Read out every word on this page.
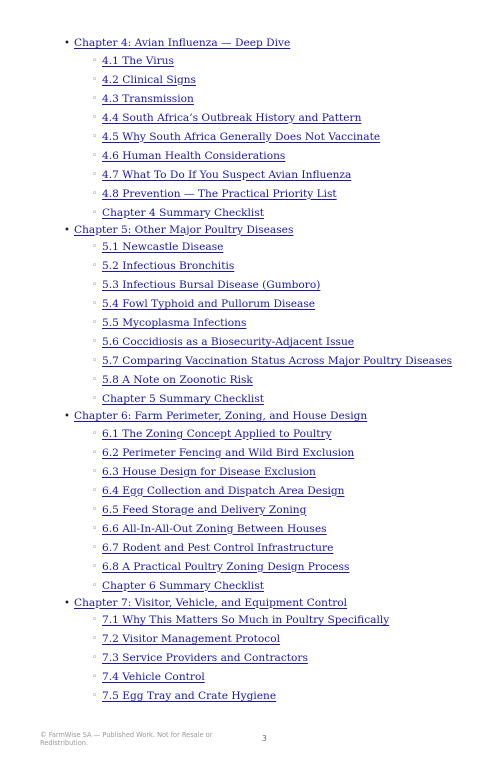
• Chapter 4: Avian Influenza — Deep Dive
◦ 4.1 The Virus
◦ 4.2 Clinical Signs
◦ 4.3 Transmission
◦ 4.4 South Africa’s Outbreak History and Pattern
◦ 4.5 Why South Africa Generally Does Not Vaccinate
◦ 4.6 Human Health Considerations
◦ 4.7 What To Do If You Suspect Avian Influenza
◦ 4.8 Prevention — The Practical Priority List
◦ Chapter 4 Summary Checklist
• Chapter 5: Other Major Poultry Diseases
◦ 5.1 Newcastle Disease
◦ 5.2 Infectious Bronchitis
◦ 5.3 Infectious Bursal Disease (Gumboro)
◦ 5.4 Fowl Typhoid and Pullorum Disease
◦ 5.5 Mycoplasma Infections
◦ 5.6 Coccidiosis as a Biosecurity-Adjacent Issue
◦ 5.7 Comparing Vaccination Status Across Major Poultry Diseases
◦ 5.8 A Note on Zoonotic Risk
◦ Chapter 5 Summary Checklist
• Chapter 6: Farm Perimeter, Zoning, and House Design
◦ 6.1 The Zoning Concept Applied to Poultry
◦ 6.2 Perimeter Fencing and Wild Bird Exclusion
◦ 6.3 House Design for Disease Exclusion
◦ 6.4 Egg Collection and Dispatch Area Design
◦ 6.5 Feed Storage and Delivery Zoning
◦ 6.6 All-In-All-Out Zoning Between Houses
◦ 6.7 Rodent and Pest Control Infrastructure
◦ 6.8 A Practical Poultry Zoning Design Process
◦ Chapter 6 Summary Checklist
• Chapter 7: Visitor, Vehicle, and Equipment Control
◦ 7.1 Why This Matters So Much in Poultry Specifically
◦ 7.2 Visitor Management Protocol
◦ 7.3 Service Providers and Contractors
◦ 7.4 Vehicle Control
◦ 7.5 Egg Tray and Crate Hygiene
© FarmWise SA — Published Work. Not for Resale or Redistribution.	3
